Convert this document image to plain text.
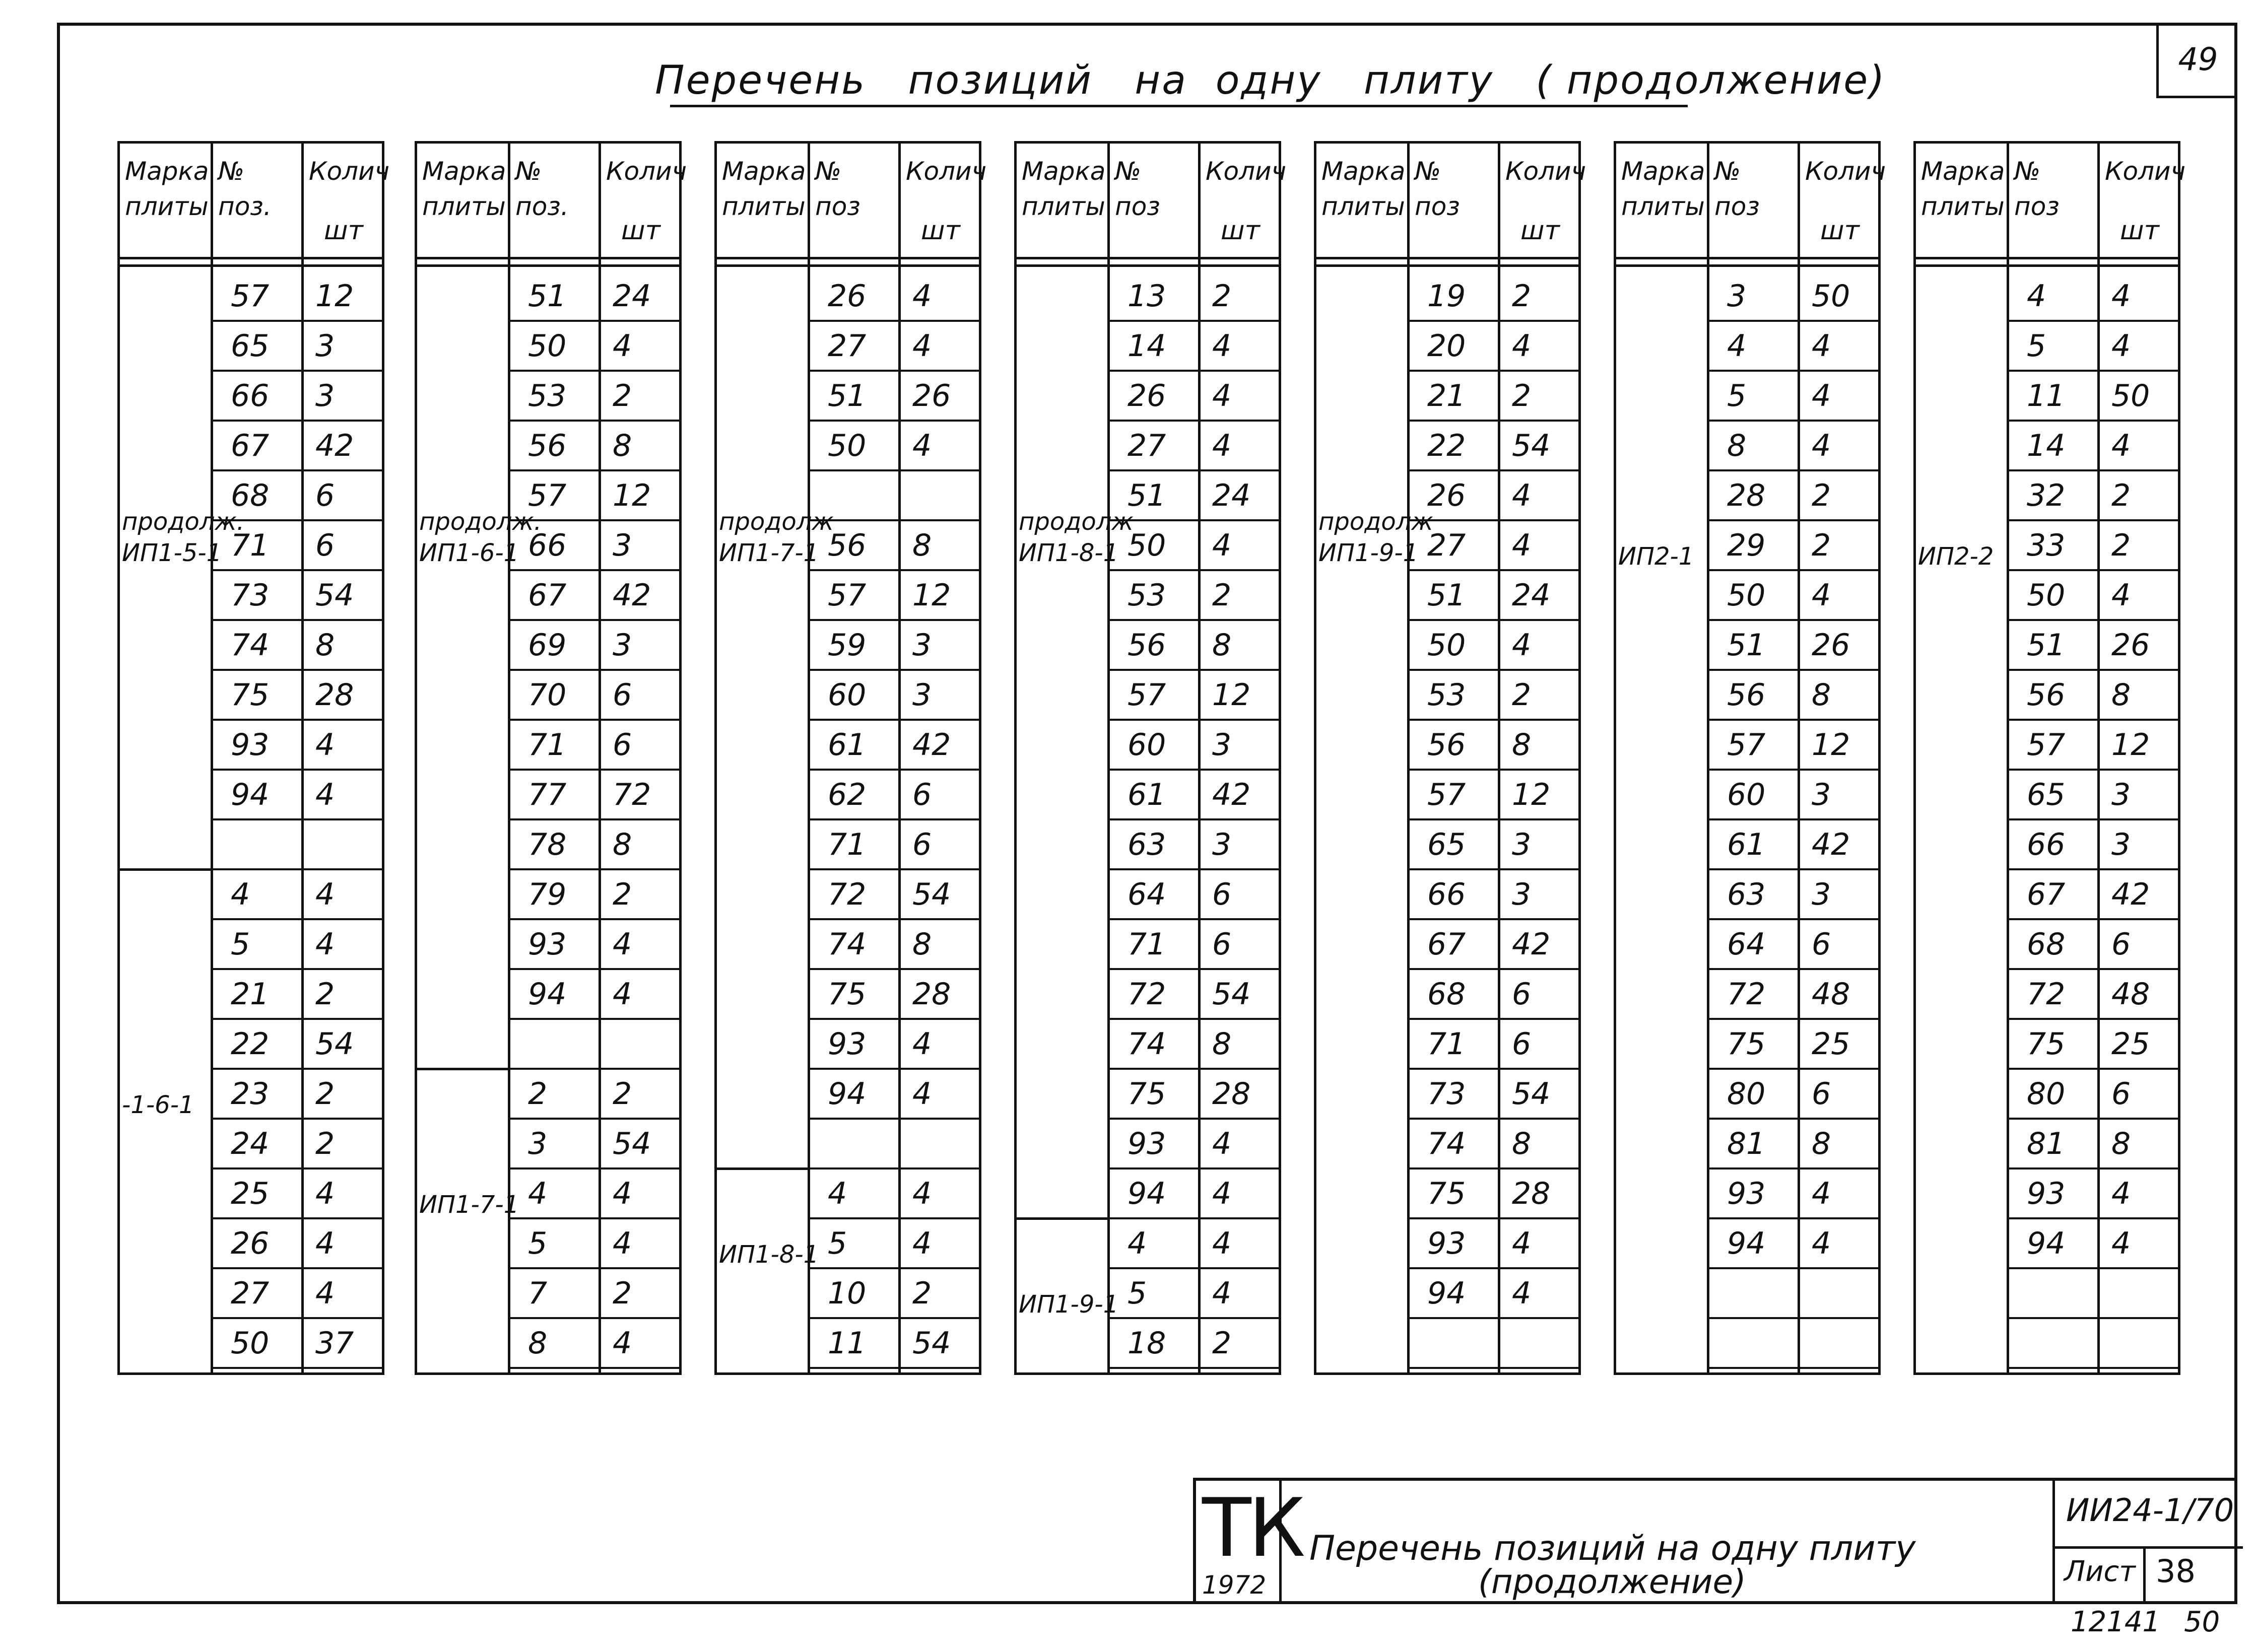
49
Перечень   позиций   на  одну   плиту   ( продолжение)
Марка
плиты
№
поз.
Колич
шт
57 12
65 3
66 3
67 42
68 6
71 6
73 54
74 8
75 28
93 4
94 4
4 4
5 4
21 2
22 54
23 2
24 2
25 4
26 4
27 4
50 37
продолж.
ИП1-5-1
-1-6-1
Марка
плиты
№
поз.
Колич
шт
51 24
50 4
53 2
56 8
57 12
66 3
67 42
69 3
70 6
71 6
77 72
78 8
79 2
93 4
94 4
2 2
3 54
4 4
5 4
7 2
8 4
продолж.
ИП1-6-1
ИП1-7-1
Марка
плиты
№
поз
Колич
шт
26 4
27 4
51 26
50 4
56 8
57 12
59 3
60 3
61 42
62 6
71 6
72 54
74 8
75 28
93 4
94 4
4 4
5 4
10 2
11 54
продолж
ИП1-7-1
ИП1-8-1
Марка
плиты
№
поз
Колич
шт
13 2
14 4
26 4
27 4
51 24
50 4
53 2
56 8
57 12
60 3
61 42
63 3
64 6
71 6
72 54
74 8
75 28
93 4
94 4
4 4
5 4
18 2
продолж
ИП1-8-1
ИП1-9-1
Марка
плиты
№
поз
Колич
шт
19 2
20 4
21 2
22 54
26 4
27 4
51 24
50 4
53 2
56 8
57 12
65 3
66 3
67 42
68 6
71 6
73 54
74 8
75 28
93 4
94 4
продолж
ИП1-9-1
Марка
плиты
№
поз
Колич
шт
3 50
4 4
5 4
8 4
28 2
29 2
50 4
51 26
56 8
57 12
60 3
61 42
63 3
64 6
72 48
75 25
80 6
81 8
93 4
94 4
ИП2-1
Марка
плиты
№
поз
Колич
шт
4 4
5 4
11 50
14 4
32 2
33 2
50 4
51 26
56 8
57 12
65 3
66 3
67 42
68 6
72 48
75 25
80 6
81 8
93 4
94 4
ИП2-2
ТК
1972
Перечень позиций на одну плиту
(продолжение)
ИИ24-1/70
Лист 38
12141 50
